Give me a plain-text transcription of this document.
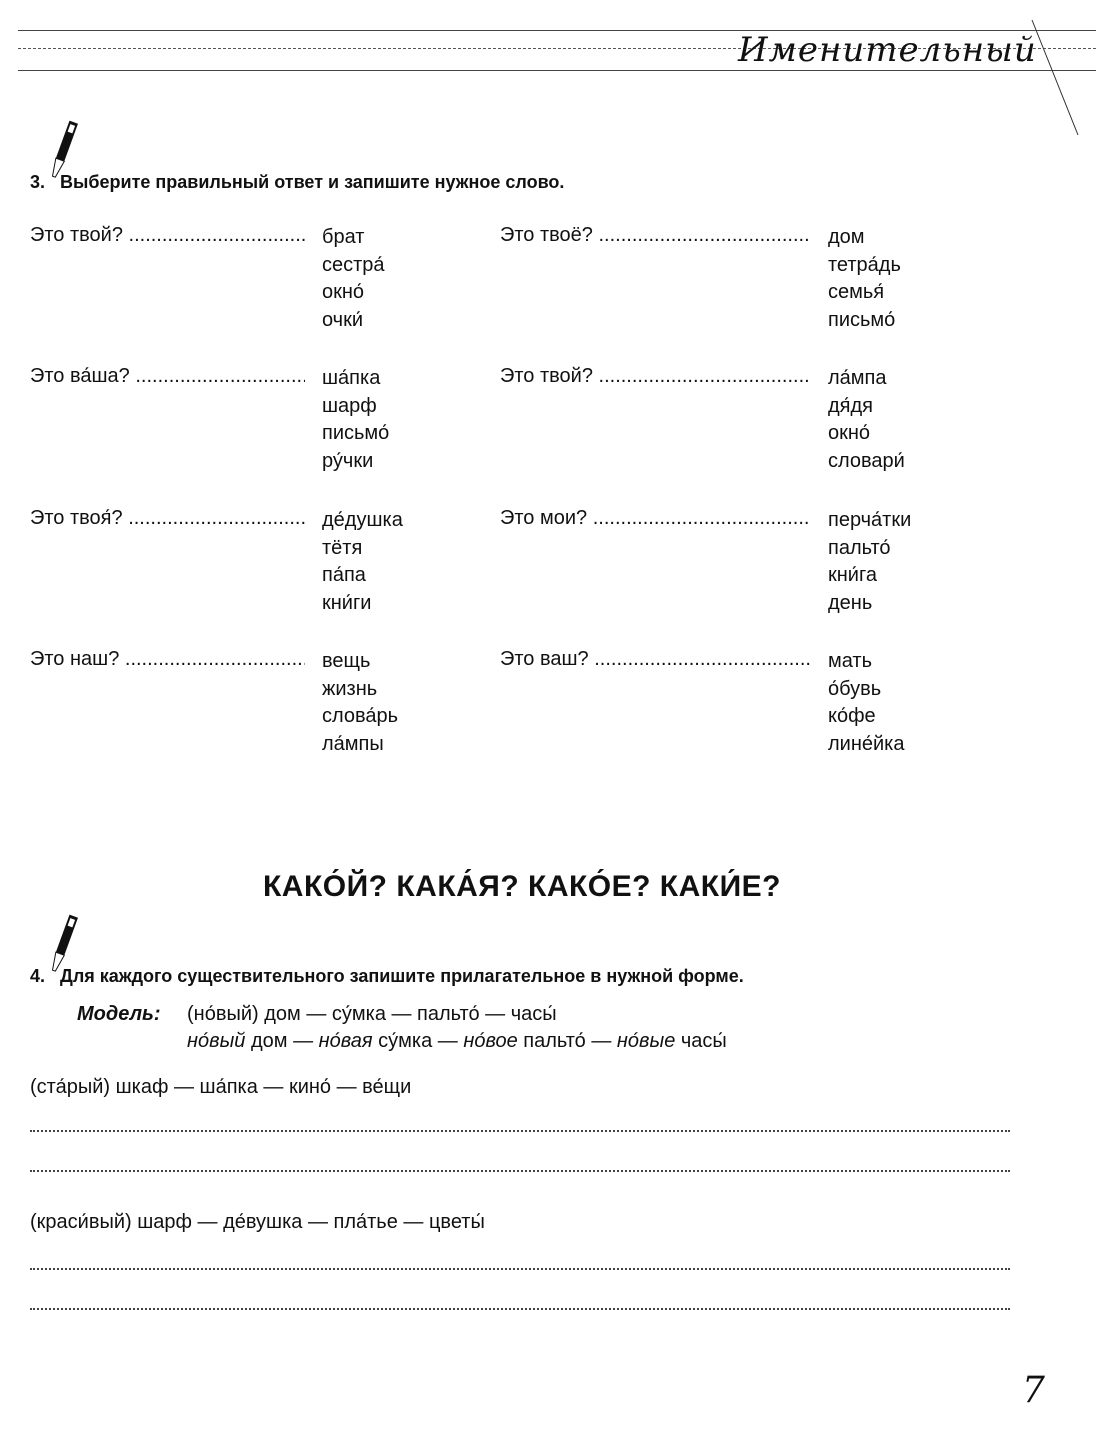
Именительный
3. Выберите правильный ответ и запишите нужное слово.
Это твой? .....	брат
сестра́
окно́
очки́
Это твоё? .....	дом
тетра́дь
семья́
письмо́
Это ва́ша? .....	ша́пка
шарф
письмо́
ру́чки
Это твой? .....	ла́мпа
дя́дя
окно́
словари́
Это твоя́? .....	де́душка
тётя
па́па
кни́ги
Это мои? .....	перча́тки
пальто́
кни́га
день
Это наш? .....	вещь
жизнь
слова́рь
ла́мпы
Это ваш? .....	мать
о́бувь
ко́фе
лине́йка
КАКО́Й? КАКА́Я? КАКО́Е? КАКИ́Е?
4. Для каждого существительного запишите прилагательное в нужной форме.
Модель: (но́вый) дом — су́мка — пальто́ — часы́
но́вый дом — но́вая су́мка — но́вое пальто́ — но́вые часы́
(ста́рый) шкаф — ша́пка — кино́ — ве́щи
(краси́вый) шарф — де́вушка — пла́тье — цветы́
7
